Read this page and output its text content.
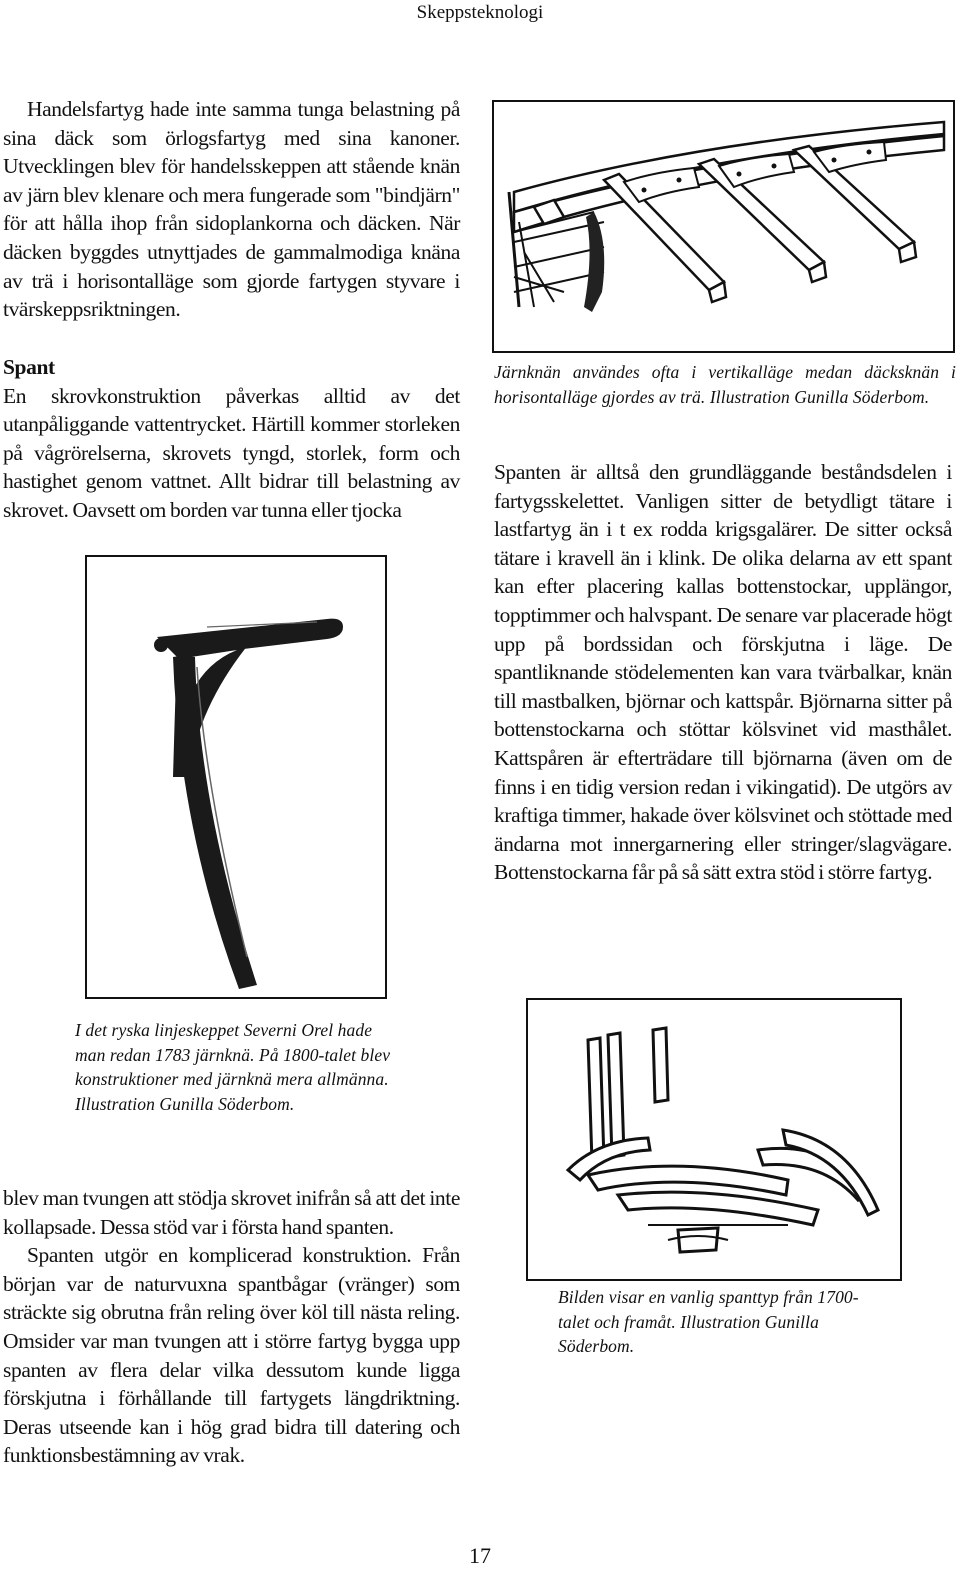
Skeppsteknologi

Handelsfartyg hade inte samma tunga belastning på sina däck som örlogsfartyg med sina kanoner. Utvecklingen blev för handelsskeppen att stående knän av järn blev klenare och mera fungerade som "bindjärn" för att hålla ihop från sidoplankorna och däcken. När däcken byggdes utnyttjades de gammalmodiga knäna av trä i horisontalläge som gjorde fartygen styvare i tvärskeppsriktningen.

Spant

En skrovkonstruktion påverkas alltid av det utanpåliggande vattentrycket. Härtill kommer storleken på vågrörelserna, skrovets tyngd, storlek, form och hastighet genom vattnet. Allt bidrar till belastning av skrovet. Oavsett om borden var tunna eller tjocka

I det ryska linjeskeppet Severni Orel hade man redan 1783 järnknä. På 1800-talet blev konstruktioner med järnknä mera allmänna. Illustration Gunilla Söderbom.

blev man tvungen att stödja skrovet inifrån så att det inte kollapsade. Dessa stöd var i första hand spanten.

Spanten utgör en komplicerad konstruktion. Från början var de naturvuxna spantbågar (vränger) som sträckte sig obrutna från reling över köl till nästa reling. Omsider var man tvungen att i större fartyg bygga upp spanten av flera delar vilka dessutom kunde ligga förskjutna i förhållande till fartygets längdriktning. Deras utseende kan i hög grad bidra till datering och funktionsbestämning av vrak.

Järnknän användes ofta i vertikalläge medan däcksknän i horisontalläge gjordes av trä. Illustration Gunilla Söderbom.

Spanten är alltså den grundläggande beståndsdelen i fartygsskelettet. Vanligen sitter de betydligt tätare i lastfartyg än i t ex rodda krigsgalärer. De sitter också tätare i kravell än i klink. De olika delarna av ett spant kan efter placering kallas bottenstockar, upplängor, topptimmer och halvspant. De senare var placerade högt upp på bordssidan och förskjutna i läge. De spantliknande stödelementen kan vara tvärbalkar, knän till mastbalken, björnar och kattspår. Björnarna sitter på bottenstockarna och stöttar kölsvinet vid masthålet. Kattspåren är efterträdare till björnarna (även om de finns i en tidig version redan i vikingatid). De utgörs av kraftiga timmer, hakade över kölsvinet och stöttade med ändarna mot innergarnering eller stringer/slagvägare. Bottenstockarna får på så sätt extra stöd i större fartyg.

Bilden visar en vanlig spanttyp från 1700-talet och framåt. Illustration Gunilla Söderbom.
17
